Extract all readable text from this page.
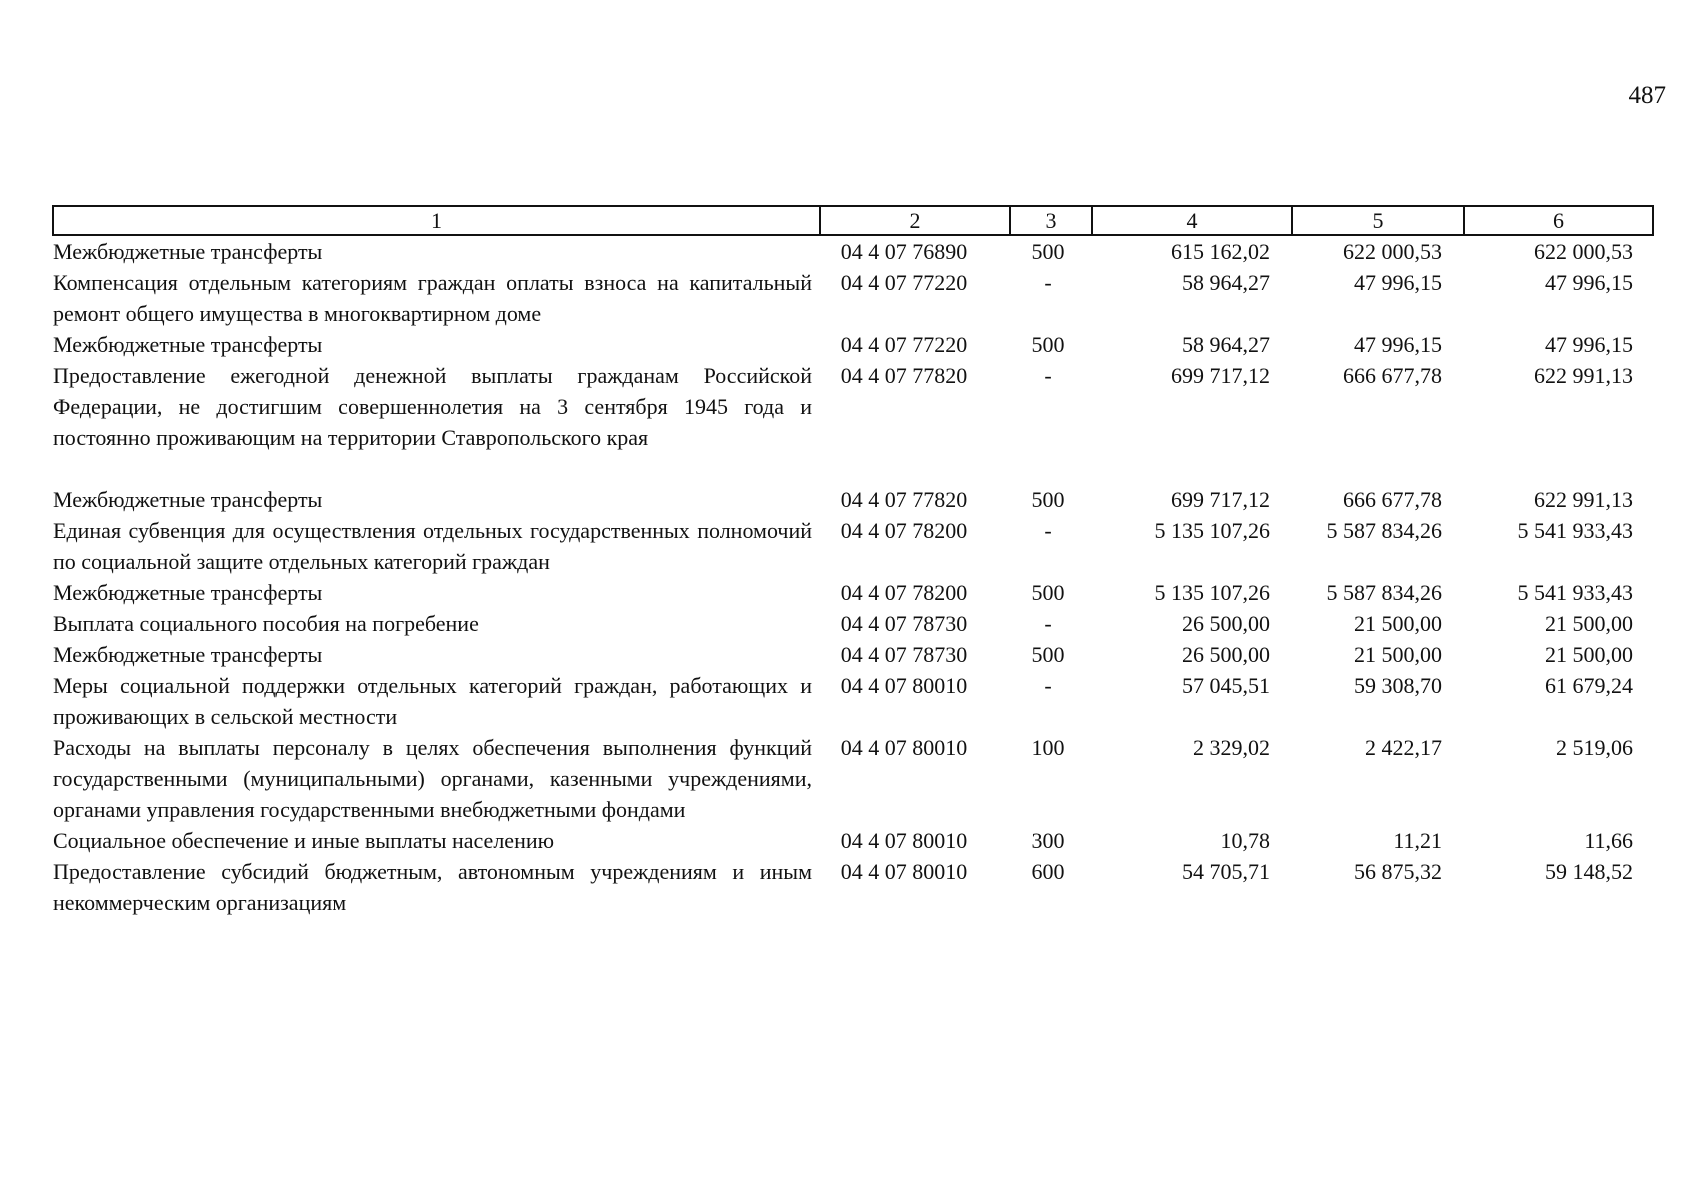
487
1	2	3	4	5	6
Межбюджетные трансферты	04 4 07 76890	500	615 162,02	622 000,53	622 000,53
Компенсация отдельным категориям граждан оплаты взноса на капитальный ремонт общего имущества в многоквартирном доме	04 4 07 77220	-	58 964,27	47 996,15	47 996,15
Межбюджетные трансферты	04 4 07 77220	500	58 964,27	47 996,15	47 996,15
Предоставление ежегодной денежной выплаты гражданам Российской Федерации, не достигшим совершеннолетия на 3 сентября 1945 года и постоянно проживающим на территории Ставропольского края	04 4 07 77820	-	699 717,12	666 677,78	622 991,13
Межбюджетные трансферты	04 4 07 77820	500	699 717,12	666 677,78	622 991,13
Единая субвенция для осуществления отдельных государственных полномочий по социальной защите отдельных категорий граждан	04 4 07 78200	-	5 135 107,26	5 587 834,26	5 541 933,43
Межбюджетные трансферты	04 4 07 78200	500	5 135 107,26	5 587 834,26	5 541 933,43
Выплата социального пособия на погребение	04 4 07 78730	-	26 500,00	21 500,00	21 500,00
Межбюджетные трансферты	04 4 07 78730	500	26 500,00	21 500,00	21 500,00
Меры социальной поддержки отдельных категорий граждан, работающих и проживающих в сельской местности	04 4 07 80010	-	57 045,51	59 308,70	61 679,24
Расходы на выплаты персоналу в целях обеспечения выполнения функций государственными (муниципальными) органами, казенными учреждениями, органами управления государственными внебюджетными фондами	04 4 07 80010	100	2 329,02	2 422,17	2 519,06
Социальное обеспечение и иные выплаты населению	04 4 07 80010	300	10,78	11,21	11,66
Предоставление субсидий бюджетным, автономным учреждениям и иным некоммерческим организациям	04 4 07 80010	600	54 705,71	56 875,32	59 148,52
